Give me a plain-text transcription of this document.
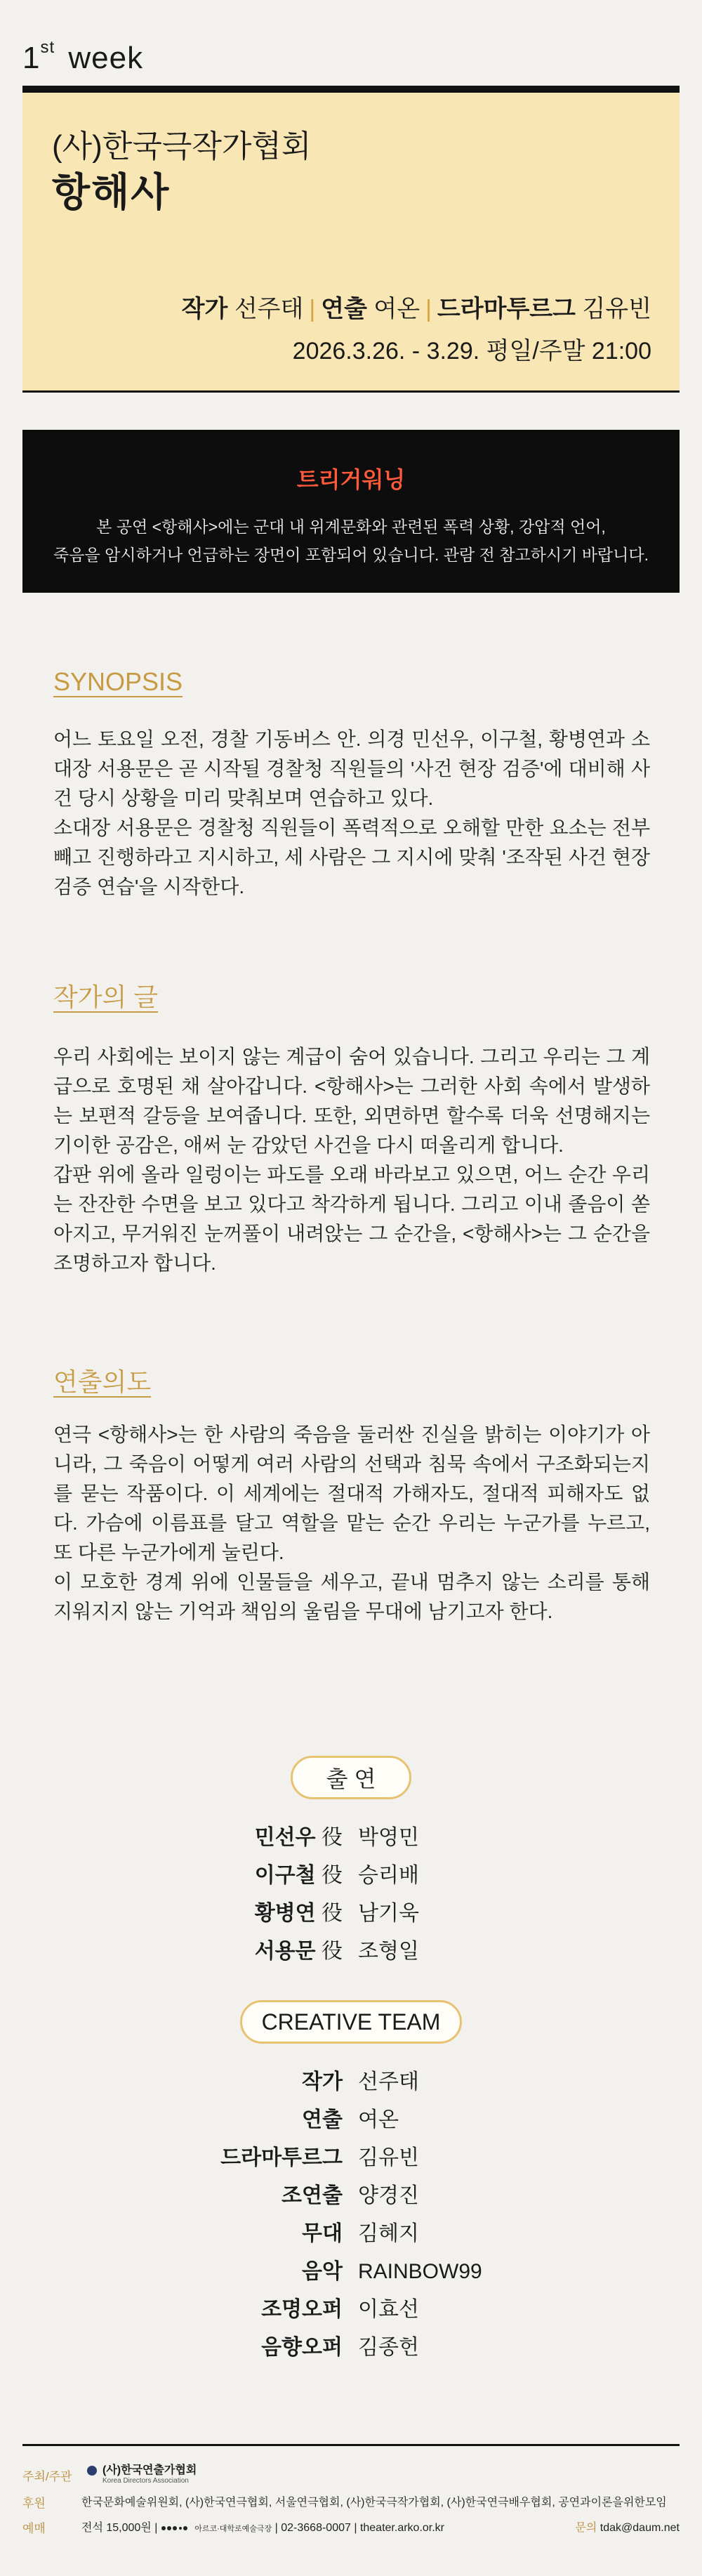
1st week
(사)한국극작가협회
항해사
작가 선주태 | 연출 여온 | 드라마투르그 김유빈
2026.3.26. - 3.29. 평일/주말 21:00
트리거워닝
본 공연 <항해사>에는 군대 내 위계문화와 관련된 폭력 상황, 강압적 언어,
죽음을 암시하거나 언급하는 장면이 포함되어 있습니다. 관람 전 참고하시기 바랍니다.
SYNOPSIS
어느 토요일 오전, 경찰 기동버스 안. 의경 민선우, 이구철, 황병연과 소대장 서용문은 곧 시작될 경찰청 직원들의 '사건 현장 검증'에 대비해 사건 당시 상황을 미리 맞춰보며 연습하고 있다.
소대장 서용문은 경찰청 직원들이 폭력적으로 오해할 만한 요소는 전부 빼고 진행하라고 지시하고, 세 사람은 그 지시에 맞춰 '조작된 사건 현장 검증 연습'을 시작한다.
작가의 글
우리 사회에는 보이지 않는 계급이 숨어 있습니다. 그리고 우리는 그 계급으로 호명된 채 살아갑니다. <항해사>는 그러한 사회 속에서 발생하는 보편적 갈등을 보여줍니다. 또한, 외면하면 할수록 더욱 선명해지는 기이한 공감은, 애써 눈 감았던 사건을 다시 떠올리게 합니다.
갑판 위에 올라 일렁이는 파도를 오래 바라보고 있으면, 어느 순간 우리는 잔잔한 수면을 보고 있다고 착각하게 됩니다. 그리고 이내 졸음이 쏟아지고, 무거워진 눈꺼풀이 내려앉는 그 순간을, <항해사>는 그 순간을 조명하고자 합니다.
연출의도
연극 <항해사>는 한 사람의 죽음을 둘러싼 진실을 밝히는 이야기가 아니라, 그 죽음이 어떻게 여러 사람의 선택과 침묵 속에서 구조화되는지를 묻는 작품이다. 이 세계에는 절대적 가해자도, 절대적 피해자도 없다. 가슴에 이름표를 달고 역할을 맡는 순간 우리는 누군가를 누르고, 또 다른 누군가에게 눌린다.
이 모호한 경계 위에 인물들을 세우고, 끝내 멈추지 않는 소리를 통해 지워지지 않는 기억과 책임의 울림을 무대에 남기고자 한다.
출 연
민선우 役 박영민
이구철 役 승리배
황병연 役 남기욱
서용문 役 조형일
CREATIVE TEAM
작가 선주태
연출 여온
드라마투르그 김유빈
조연출 양경진
무대 김혜지
음악 RAINBOW99
조명오퍼 이효선
음향오퍼 김종헌
주최/주관	(사)한국연출가협회
Korea Directors Association
후원	한국문화예술위원회, (사)한국연극협회, 서울연극협회, (사)한국극작가협회, (사)한국연극배우협회, 공연과이론을위한모임
예매	전석 15,000원 |	아르코·대학로예술극장 | 02-3668-0007 | theater.arko.or.kr	문의 tdak@daum.net
